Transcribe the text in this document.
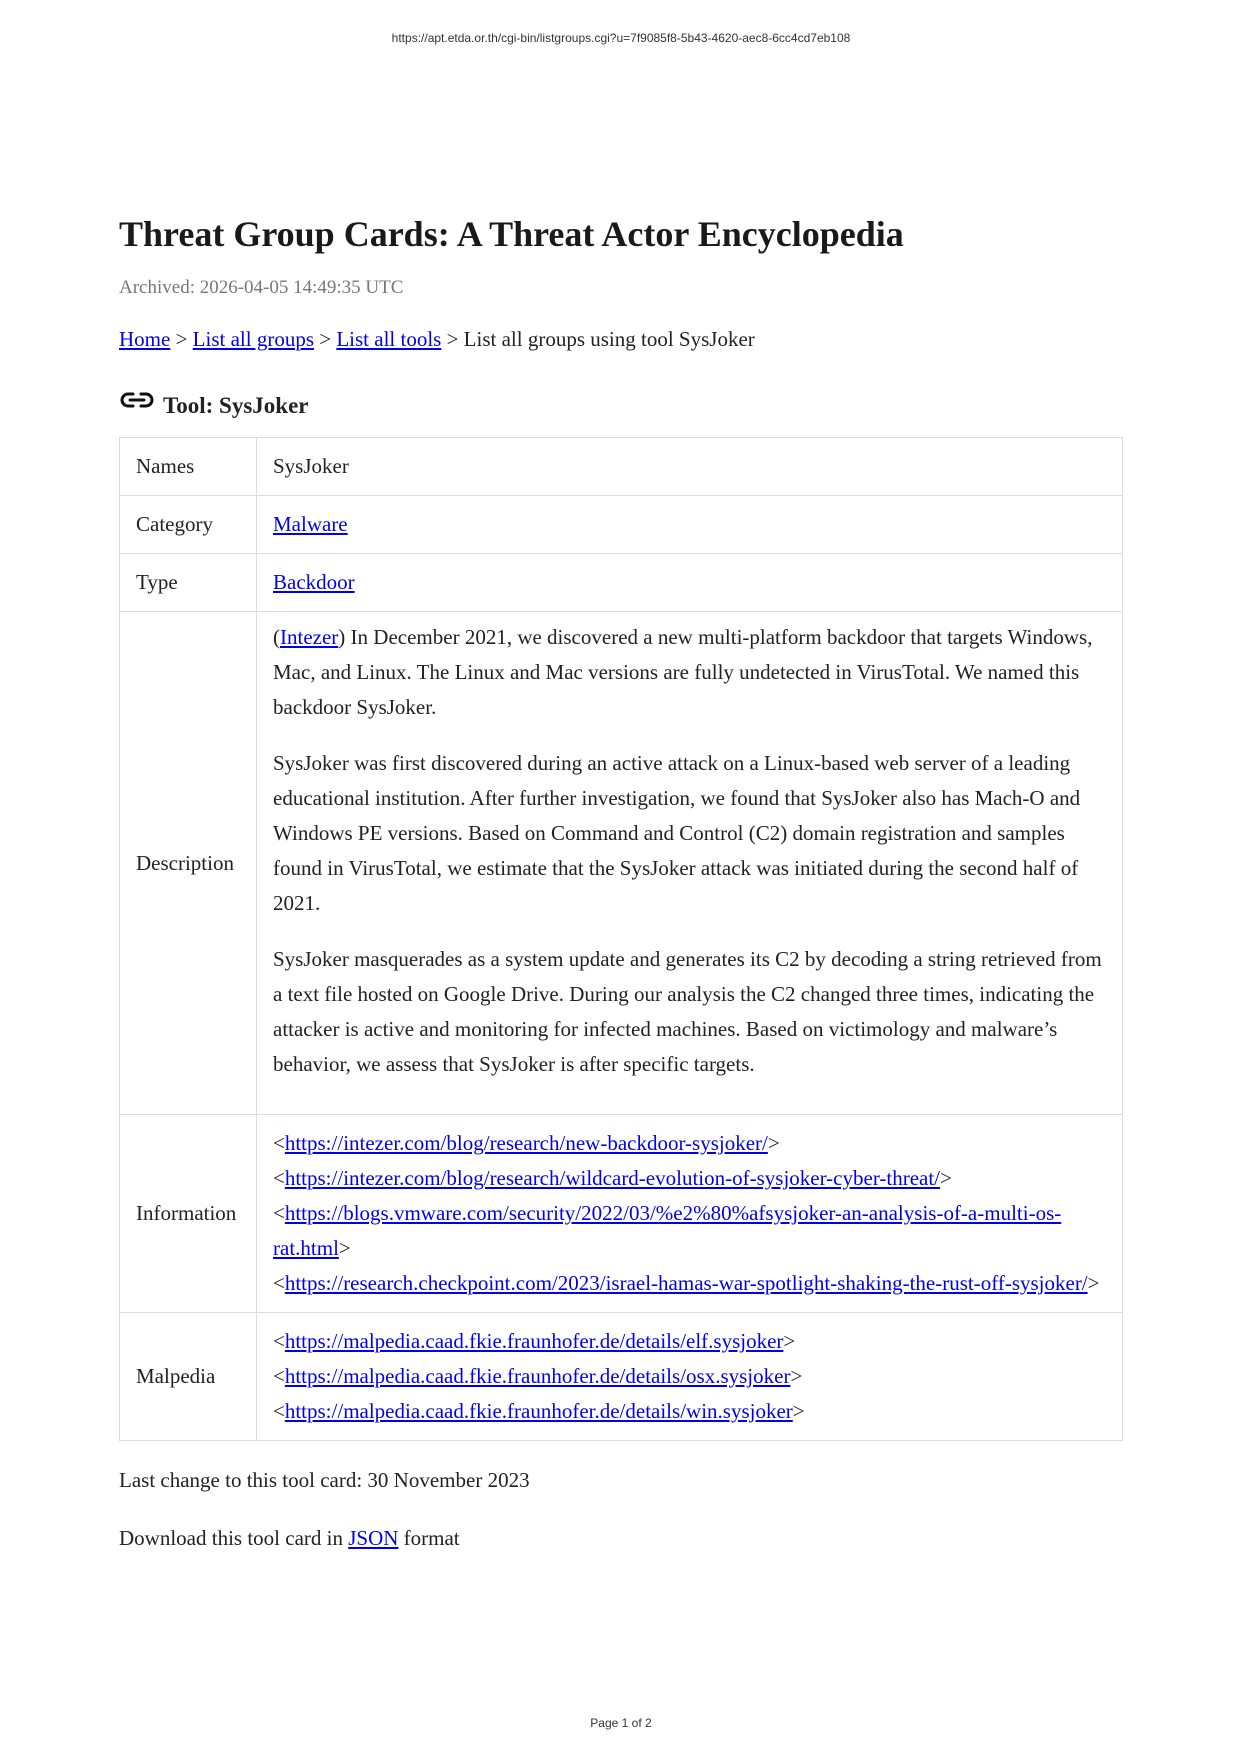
https://apt.etda.or.th/cgi-bin/listgroups.cgi?u=7f9085f8-5b43-4620-aec8-6cc4cd7eb108
Threat Group Cards: A Threat Actor Encyclopedia
Archived: 2026-04-05 14:49:35 UTC
Home > List all groups > List all tools > List all groups using tool SysJoker
Tool: SysJoker
Names	SysJoker
Category	Malware
Type	Backdoor
Description	(Intezer) In December 2021, we discovered a new multi-platform backdoor that targets Windows, Mac, and Linux. The Linux and Mac versions are fully undetected in VirusTotal. We named this backdoor SysJoker.

SysJoker was first discovered during an active attack on a Linux-based web server of a leading educational institution. After further investigation, we found that SysJoker also has Mach-O and Windows PE versions. Based on Command and Control (C2) domain registration and samples found in VirusTotal, we estimate that the SysJoker attack was initiated during the second half of 2021.

SysJoker masquerades as a system update and generates its C2 by decoding a string retrieved from a text file hosted on Google Drive. During our analysis the C2 changed three times, indicating the attacker is active and monitoring for infected machines. Based on victimology and malware’s behavior, we assess that SysJoker is after specific targets.

Information	<https://intezer.com/blog/research/new-backdoor-sysjoker/>
<https://intezer.com/blog/research/wildcard-evolution-of-sysjoker-cyber-threat/>
<https://blogs.vmware.com/security/2022/03/%e2%80%afsysjoker-an-analysis-of-a-multi-os-rat.html>
<https://research.checkpoint.com/2023/israel-hamas-war-spotlight-shaking-the-rust-off-sysjoker/>

Malpedia	<https://malpedia.caad.fkie.fraunhofer.de/details/elf.sysjoker>
<https://malpedia.caad.fkie.fraunhofer.de/details/osx.sysjoker>
<https://malpedia.caad.fkie.fraunhofer.de/details/win.sysjoker>
Last change to this tool card: 30 November 2023
Download this tool card in JSON format
Page 1 of 2
